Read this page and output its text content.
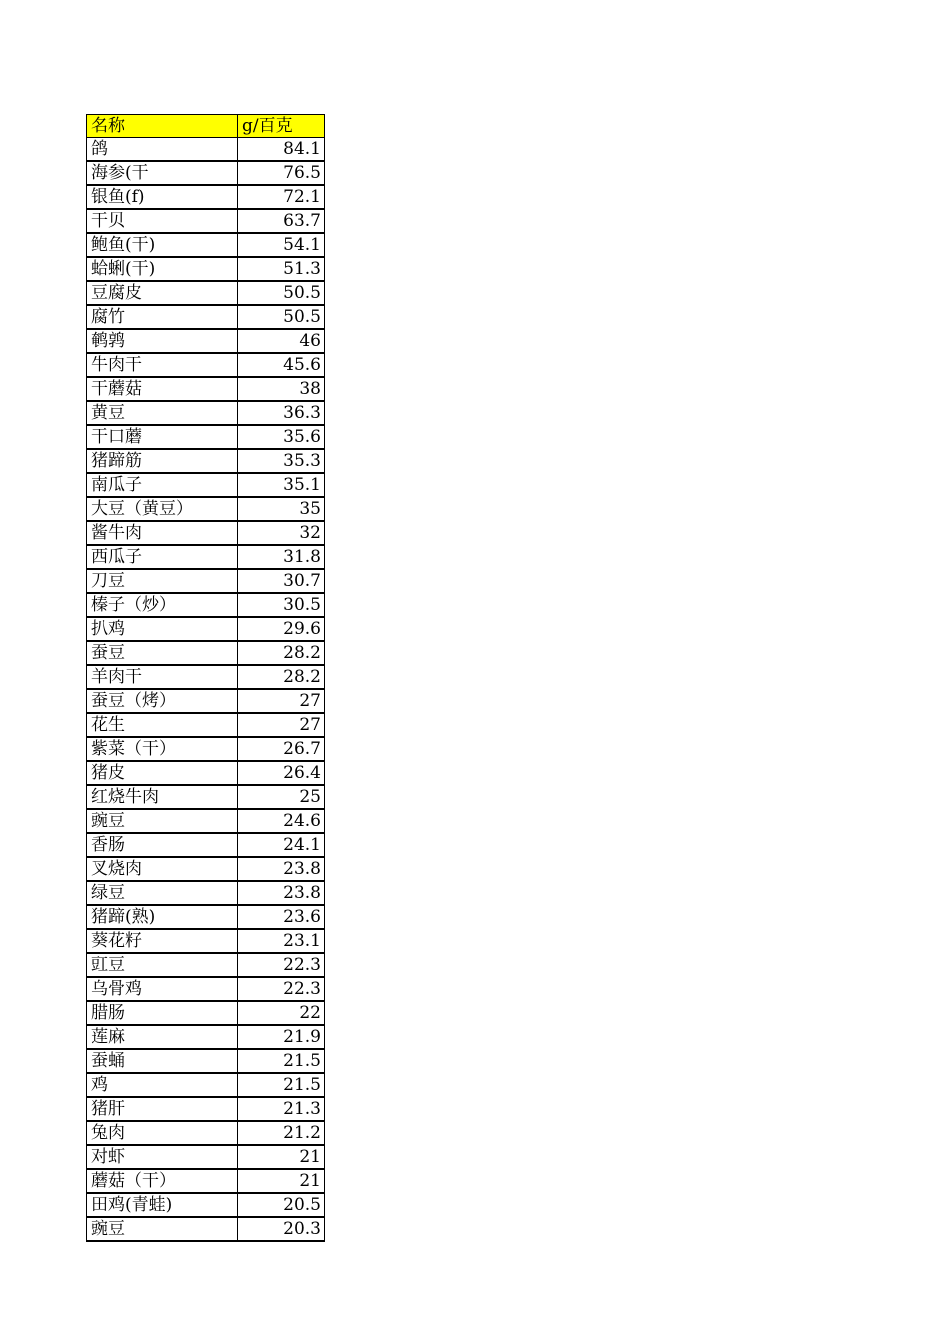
名称	g/百克
鸽	84.1
海参(干	76.5
银鱼(f)	72.1
干贝	63.7
鲍鱼(干)	54.1
蛤蜊(干)	51.3
豆腐皮	50.5
腐竹	50.5
鹌鹑	46
牛肉干	45.6
干蘑菇	38
黄豆	36.3
干口蘑	35.6
猪蹄筋	35.3
南瓜子	35.1
大豆（黄豆）	35
酱牛肉	32
西瓜子	31.8
刀豆	30.7
榛子（炒）	30.5
扒鸡	29.6
蚕豆	28.2
羊肉干	28.2
蚕豆（烤）	27
花生	27
紫菜（干）	26.7
猪皮	26.4
红烧牛肉	25
豌豆	24.6
香肠	24.1
叉烧肉	23.8
绿豆	23.8
猪蹄(熟)	23.6
葵花籽	23.1
豇豆	22.3
乌骨鸡	22.3
腊肠	22
莲麻	21.9
蚕蛹	21.5
鸡	21.5
猪肝	21.3
兔肉	21.2
对虾	21
蘑菇（干）	21
田鸡(青蛙)	20.5
豌豆	20.3
